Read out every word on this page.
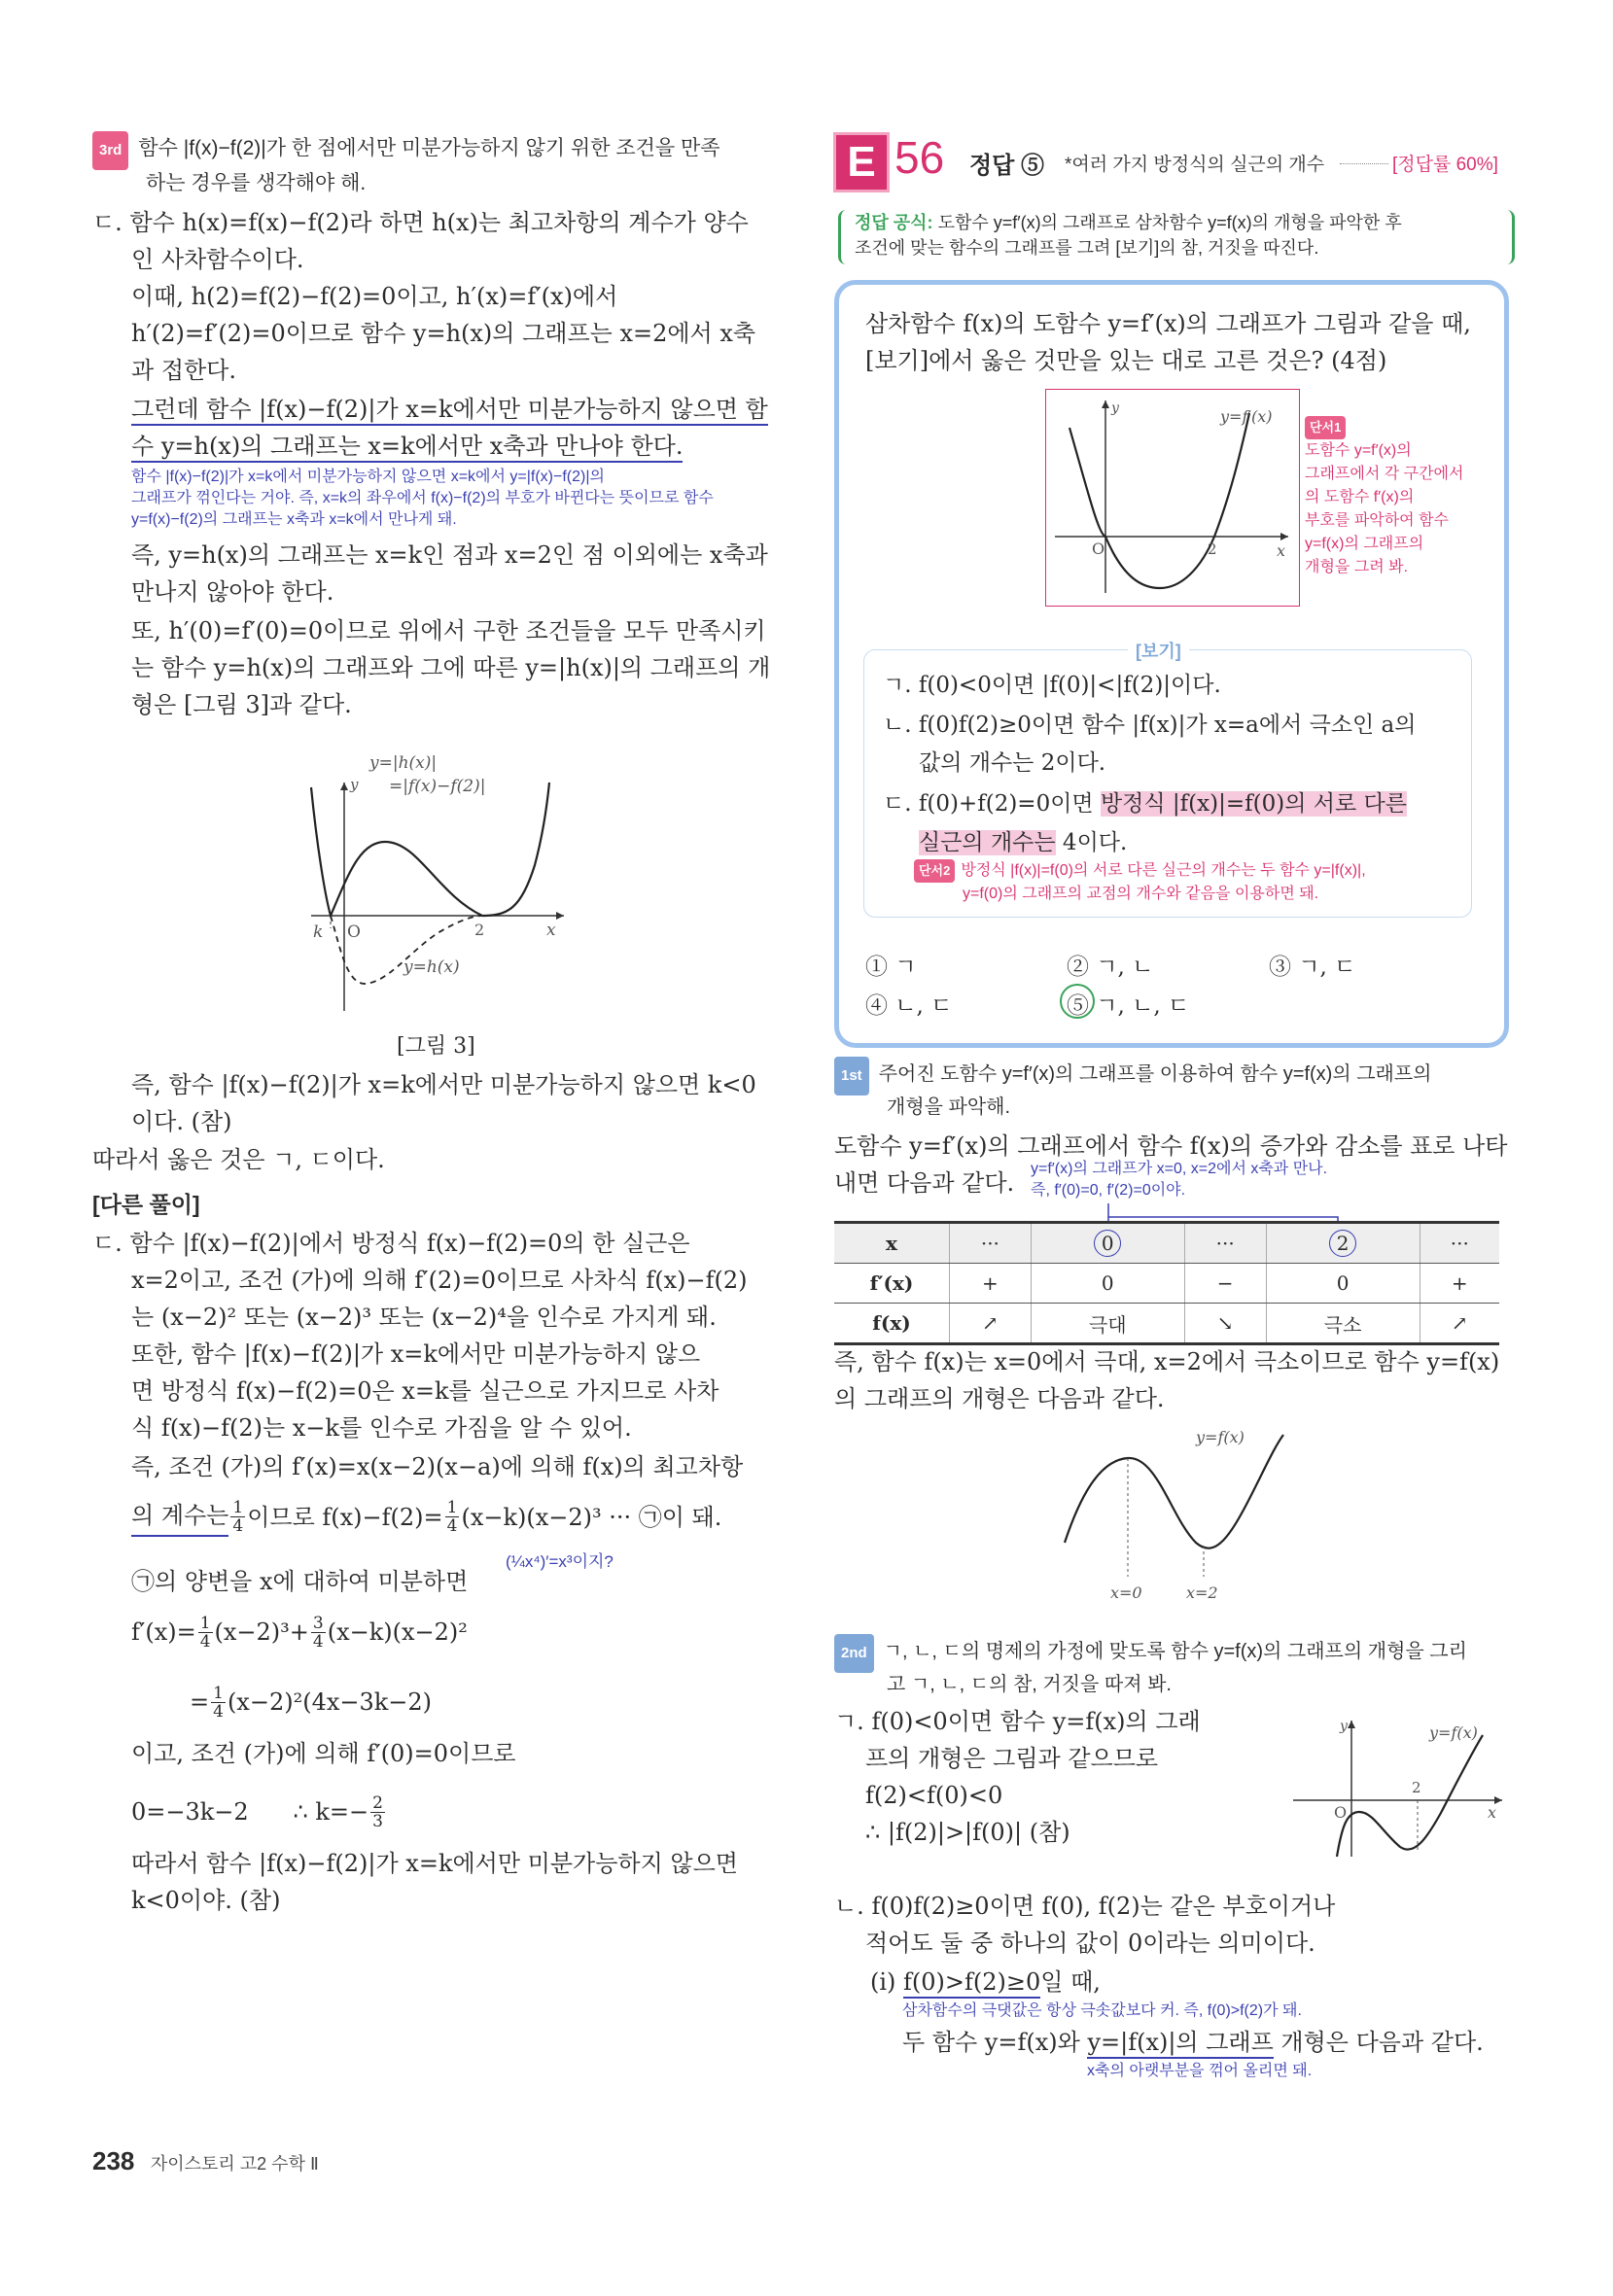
3rd 함수 |f(x)−f(2)|가 한 점에서만 미분가능하지 않기 위한 조건을 만족
하는 경우를 생각해야 해.
ㄷ. 함수 h(x)=f(x)−f(2)라 하면 h(x)는 최고차항의 계수가 양수
인 사차함수이다.
이때, h(2)=f(2)−f(2)=0이고, h′(x)=f′(x)에서
h′(2)=f′(2)=0이므로 함수 y=h(x)의 그래프는 x=2에서 x축
과 접한다.
그런데 함수 |f(x)−f(2)|가 x=k에서만 미분가능하지 않으면 함
수 y=h(x)의 그래프는 x=k에서만 x축과 만나야 한다.
함수 |f(x)−f(2)|가 x=k에서 미분가능하지 않으면 x=k에서 y=|f(x)−f(2)|의
그래프가 꺾인다는 거야. 즉, x=k의 좌우에서 f(x)−f(2)의 부호가 바뀐다는 뜻이므로 함수
y=f(x)−f(2)의 그래프는 x축과 x=k에서 만나게 돼.
즉, y=h(x)의 그래프는 x=k인 점과 x=2인 점 이외에는 x축과
만나지 않아야 한다.
또, h′(0)=f′(0)=0이므로 위에서 구한 조건들을 모두 만족시키
는 함수 y=h(x)의 그래프와 그에 따른 y=|h(x)|의 그래프의 개
형은 [그림 3]과 같다.
y=|h(x)|
=|f(x)−f(2)|
y
x
k O	2
y=h(x)
[그림 3]
즉, 함수 |f(x)−f(2)|가 x=k에서만 미분가능하지 않으면 k<0
이다. (참)
따라서 옳은 것은 ㄱ, ㄷ이다.
[다른 풀이]
ㄷ. 함수 |f(x)−f(2)|에서 방정식 f(x)−f(2)=0의 한 실근은
x=2이고, 조건 (가)에 의해 f′(2)=0이므로 사차식 f(x)−f(2)
는 (x−2)² 또는 (x−2)³ 또는 (x−2)⁴을 인수로 가지게 돼.
또한, 함수 |f(x)−f(2)|가 x=k에서만 미분가능하지 않으
면 방정식 f(x)−f(2)=0은 x=k를 실근으로 가지므로 사차
식 f(x)−f(2)는 x−k를 인수로 가짐을 알 수 있어.
즉, 조건 (가)의 f′(x)=x(x−2)(x−a)에 의해 f(x)의 최고차항
의 계수는 $\frac{1}{4}$ 이므로 $f(x)-f(2)= \frac{1}{4} (x-k)(x-2)^3$ ··· ㉠이 돼.
(¼x⁴)′=x³이지?
㉠의 양변을 x에 대하여 미분하면
$f'(x)= \frac{1}{4} (x-2)^3+ \frac{3}{4} (x-k)(x-2)^2$
= $\frac{1}{4} (x-2)^2(4x-3k-2)$
이고, 조건 (가)에 의해 f′(0)=0이므로
0=−3k−2      ∴ $k=- \frac{2}{3}$
따라서 함수 |f(x)−f(2)|가 x=k에서만 미분가능하지 않으면
k<0이야. (참)
238 자이스토리 고2 수학 Ⅱ
E 56 정답 ⑤ *여러 가지 방정식의 실근의 개수	[정답률 60%]
정답 공식: 도함수 y=f′(x)의 그래프로 삼차함수 y=f(x)의 개형을 파악한 후
조건에 맞는 함수의 그래프를 그려 [보기]의 참, 거짓을 따진다.
삼차함수 f(x)의 도함수 y=f′(x)의 그래프가 그림과 같을 때,
[보기]에서 옳은 것만을 있는 대로 고른 것은? (4점)
y=f′(x)
y
x
O	2
단서1
도함수 y=f′(x)의
그래프에서 각 구간에서
의 도함수 f′(x)의
부호를 파악하여 함수
y=f(x)의 그래프의
개형을 그려 봐.
[보기]
ㄱ. f(0)<0이면 |f(0)|<|f(2)|이다.
ㄴ. f(0)f(2)≥0이면 함수 |f(x)|가 x=a에서 극소인 a의
값의 개수는 2이다.
ㄷ. f(0)+f(2)=0이면 방정식 |f(x)|=f(0)의 서로 다른
실근의 개수는 4이다.
단서2 방정식 |f(x)|=f(0)의 서로 다른 실근의 개수는 두 함수 y=|f(x)|,
y=f(0)의 그래프의 교점의 개수와 같음을 이용하면 돼.
① ㄱ	② ㄱ, ㄴ	③ ㄱ, ㄷ
④ ㄴ, ㄷ	⑤ ㄱ, ㄴ, ㄷ
1st 주어진 도함수 y=f′(x)의 그래프를 이용하여 함수 y=f(x)의 그래프의
개형을 파악해.
도함수 y=f′(x)의 그래프에서 함수 f(x)의 증가와 감소를 표로 나타
내면 다음과 같다.
y=f′(x)의 그래프가 x=0, x=2에서 x축과 만나.
즉, f′(0)=0, f′(2)=0이야.
x	···	0	···	2	···
f′(x)	+	0	−	0	+
f(x)	↗	극대	↘	극소	↗
즉, 함수 f(x)는 x=0에서 극대, x=2에서 극소이므로 함수 y=f(x)
의 그래프의 개형은 다음과 같다.
y=f(x)
x=0	x=2
2nd ㄱ, ㄴ, ㄷ의 명제의 가정에 맞도록 함수 y=f(x)의 그래프의 개형을 그리
고 ㄱ, ㄴ, ㄷ의 참, 거짓을 따져 봐.
ㄱ. f(0)<0이면 함수 y=f(x)의 그래
프의 개형은 그림과 같으므로
f(2)<f(0)<0
∴ |f(2)|>|f(0)| (참)
y=f(x)
y
x
O
2
ㄴ. f(0)f(2)≥0이면 f(0), f(2)는 같은 부호이거나
적어도 둘 중 하나의 값이 0이라는 의미이다.
(i) f(0)>f(2)≥0일 때,
삼차함수의 극댓값은 항상 극솟값보다 커. 즉, f(0)>f(2)가 돼.
두 함수 y=f(x)와 y=|f(x)|의 그래프 개형은 다음과 같다.
x축의 아랫부분을 꺾어 올리면 돼.
